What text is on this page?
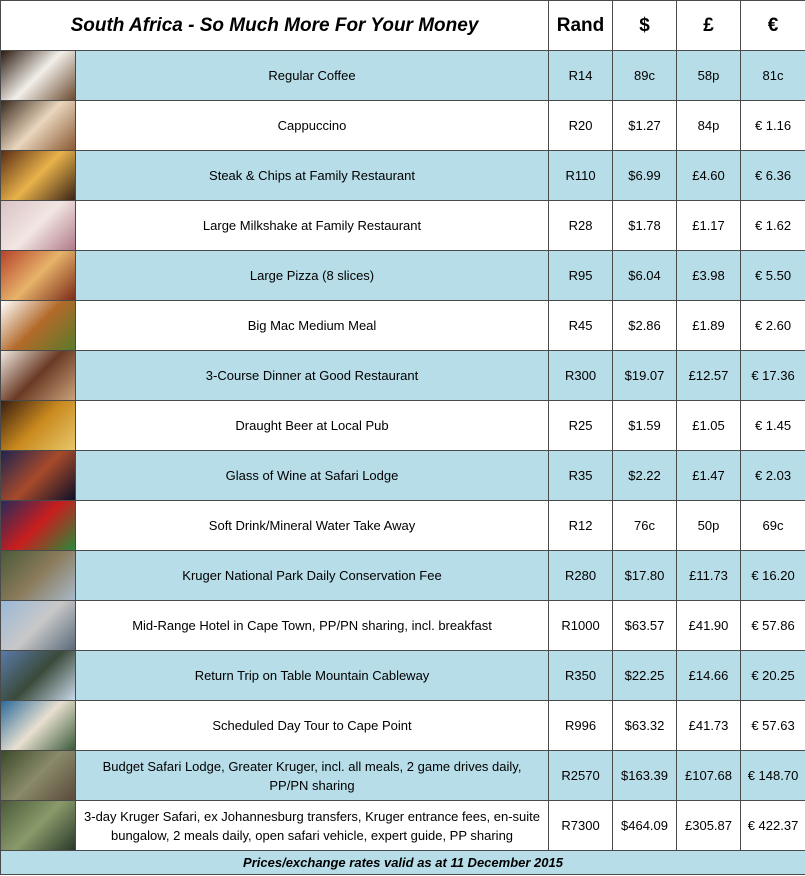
South Africa - So Much More For Your Money		Rand	$	£	€

	Regular Coffee	R14	89c	58p	81c

	Cappuccino	R20	$1.27	84p	€ 1.16

	Steak & Chips at Family Restaurant	R110	$6.99	£4.60	€ 6.36

	Large Milkshake at Family Restaurant	R28	$1.78	£1.17	€ 1.62

	Large Pizza (8 slices)	R95	$6.04	£3.98	€ 5.50

	Big Mac Medium Meal	R45	$2.86	£1.89	€ 2.60

	3-Course Dinner at Good Restaurant	R300	$19.07	£12.57	€ 17.36

	Draught Beer at Local Pub	R25	$1.59	£1.05	€ 1.45

	Glass of Wine at Safari Lodge	R35	$2.22	£1.47	€ 2.03

	Soft Drink/Mineral Water Take Away	R12	76c	50p	69c

	Kruger National Park Daily Conservation Fee	R280	$17.80	£11.73	€ 16.20

	Mid-Range Hotel in Cape Town, PP/PN sharing, incl. breakfast	R1000	$63.57	£41.90	€ 57.86

	Return Trip on Table Mountain Cableway	R350	$22.25	£14.66	€ 20.25

	Scheduled Day Tour to Cape Point	R996	$63.32	£41.73	€ 57.63

	Budget Safari Lodge, Greater Kruger, incl. all meals, 2 game drives daily, PP/PN sharing	R2570	$163.39	£107.68	€ 148.70

	3-day Kruger Safari, ex Johannesburg transfers, Kruger entrance fees, en-suite bungalow, 2 meals daily, open safari vehicle, expert guide, PP sharing	R7300	$464.09	£305.87	€ 422.37
Prices/exchange rates valid as at 11 December 2015					
